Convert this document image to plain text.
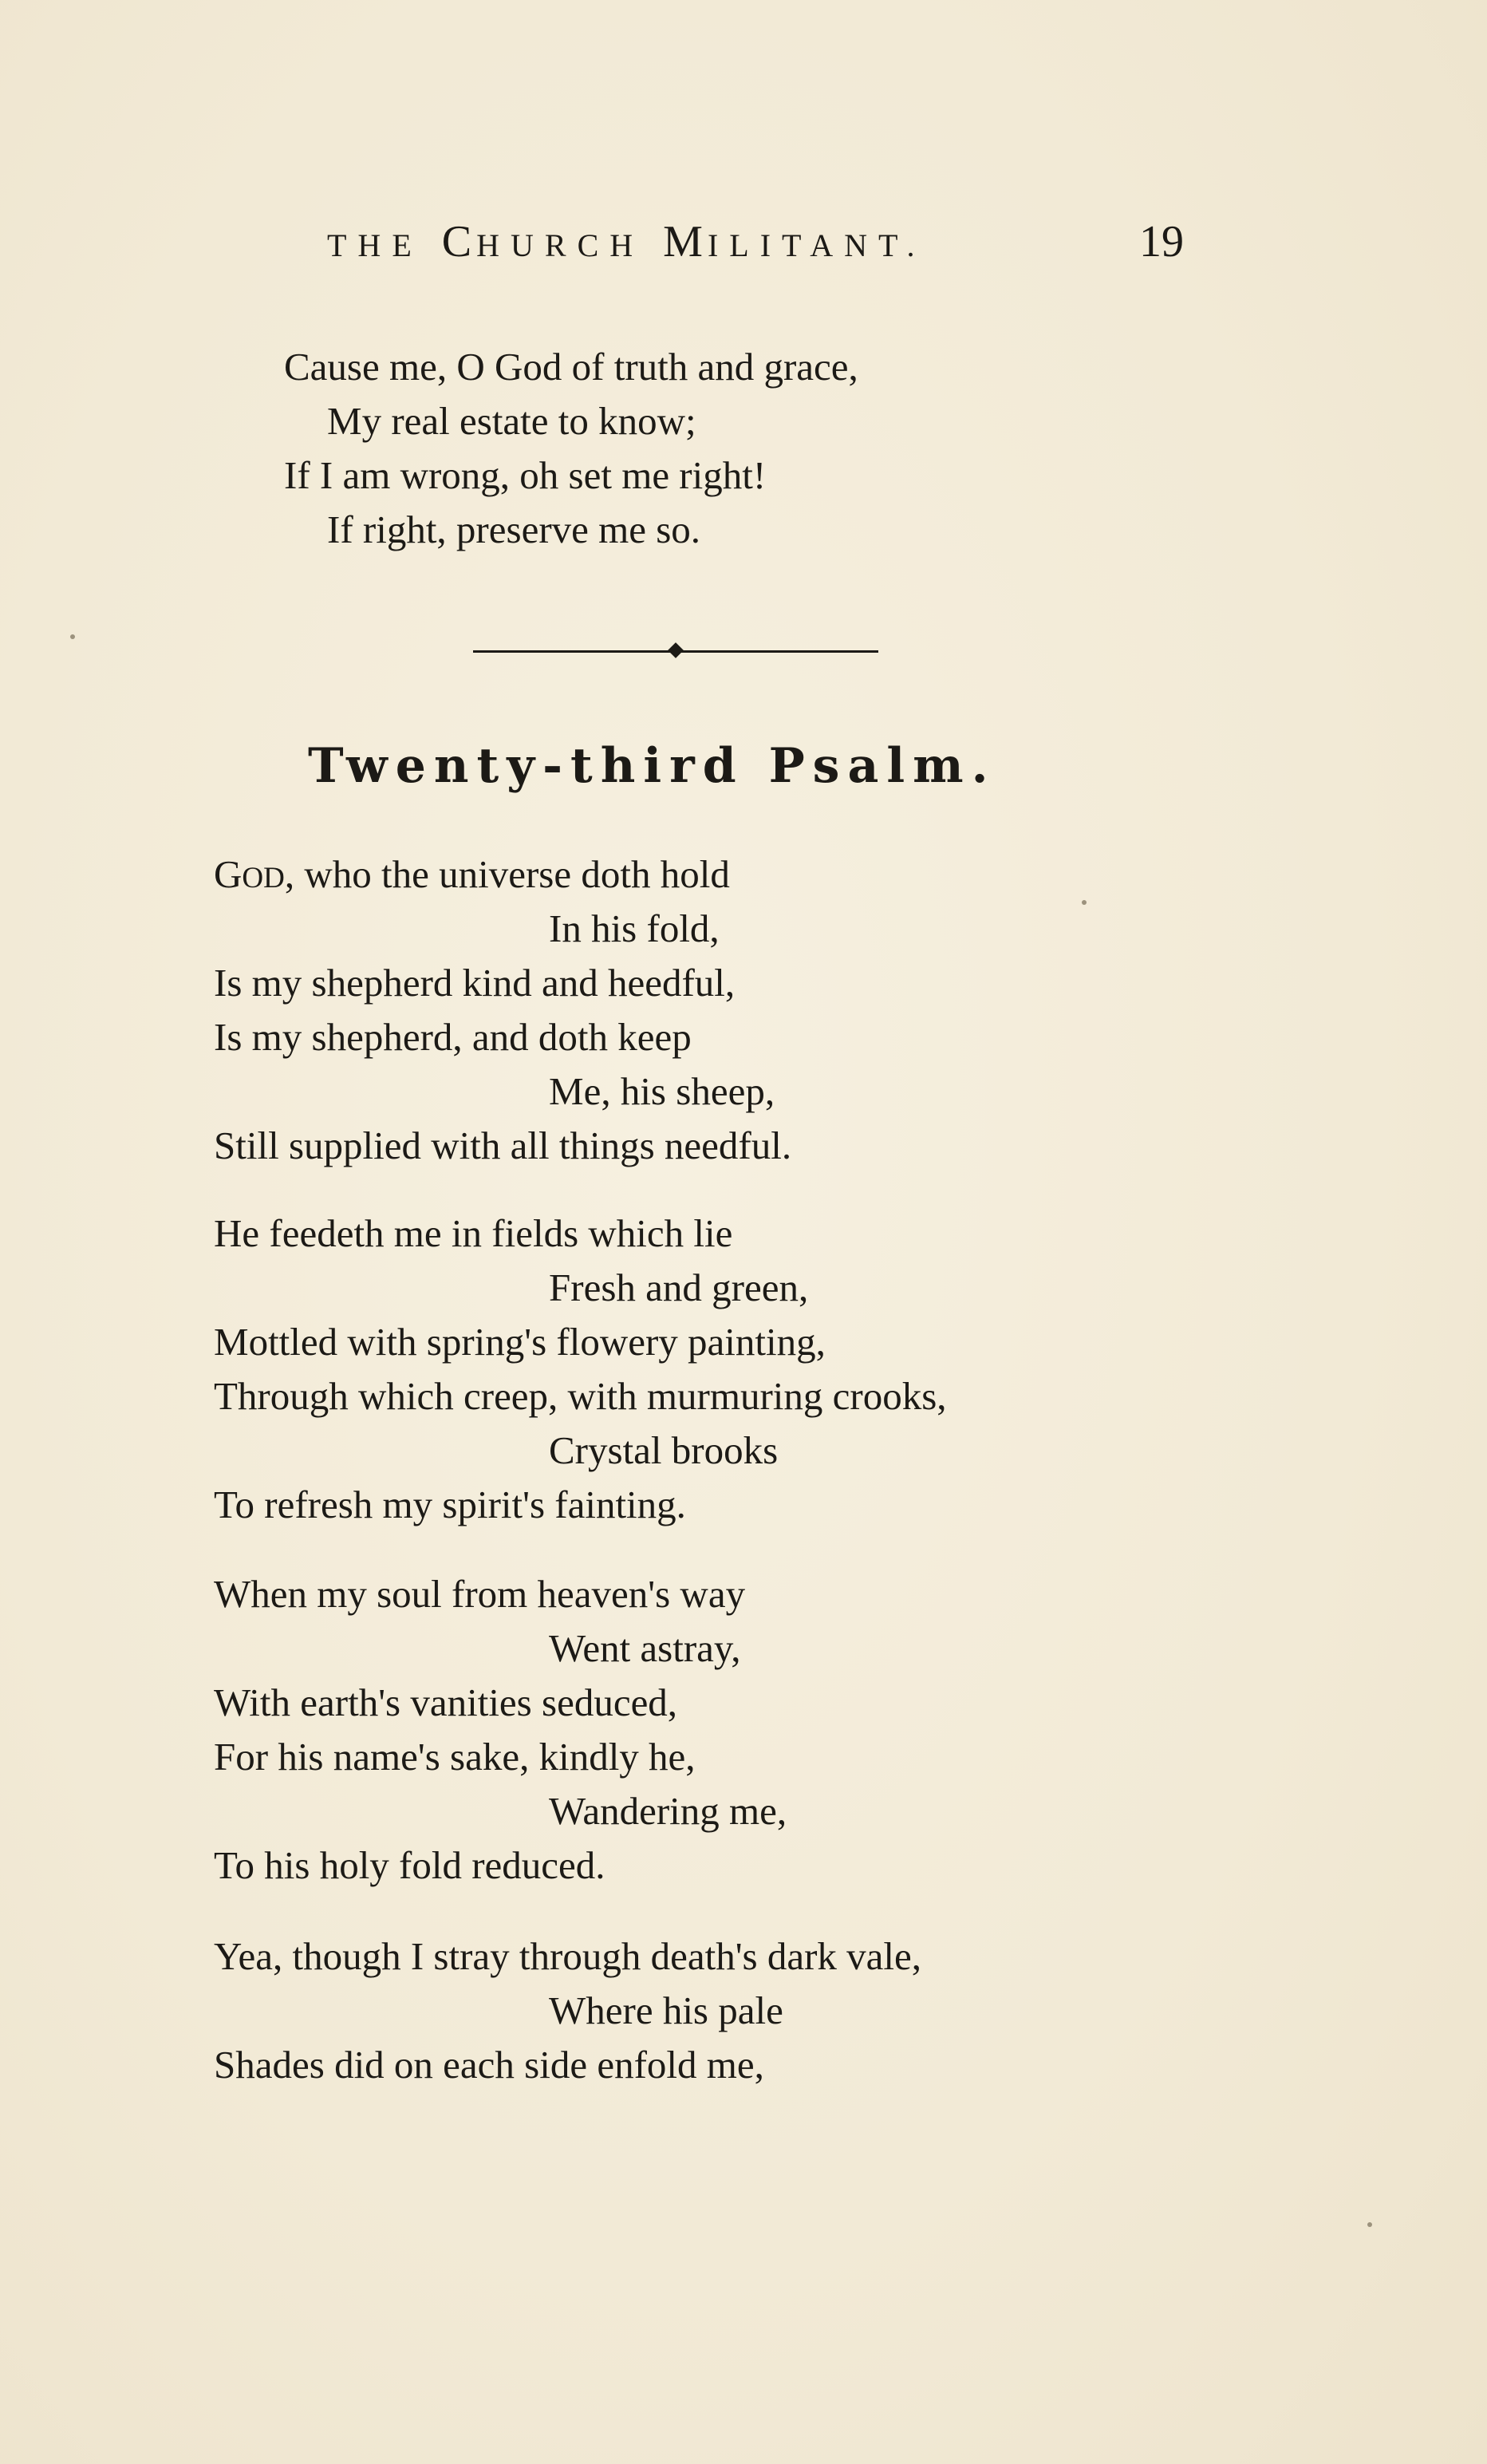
THE CHURCH MILITANT.	19
Cause me, O God of truth and grace,
My real estate to know;
If I am wrong, oh set me right!
If right, preserve me so.
Twenty-third Psalm.
GOD, who the universe doth hold
In his fold,
Is my shepherd kind and heedful,
Is my shepherd, and doth keep
Me, his sheep,
Still supplied with all things needful.
He feedeth me in fields which lie
Fresh and green,
Mottled with spring's flowery painting,
Through which creep, with murmuring crooks,
Crystal brooks
To refresh my spirit's fainting.
When my soul from heaven's way
Went astray,
With earth's vanities seduced,
For his name's sake, kindly he,
Wandering me,
To his holy fold reduced.
Yea, though I stray through death's dark vale,
Where his pale
Shades did on each side enfold me,
